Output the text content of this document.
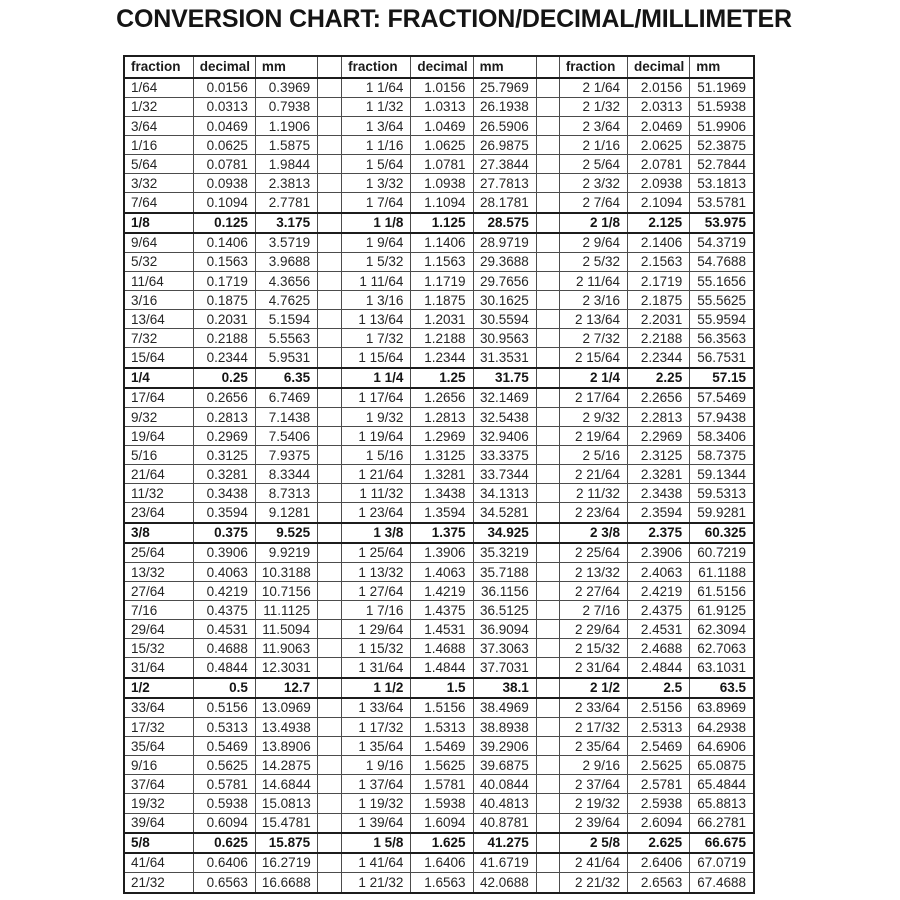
CONVERSION CHART: FRACTION/DECIMAL/MILLIMETER
fraction	decimal	mm		fraction	decimal	mm		fraction	decimal	mm
1/64	0.0156	0.3969		1 1/64	1.0156	25.7969		2 1/64	2.0156	51.1969
1/32	0.0313	0.7938		1 1/32	1.0313	26.1938		2 1/32	2.0313	51.5938
3/64	0.0469	1.1906		1 3/64	1.0469	26.5906		2 3/64	2.0469	51.9906
1/16	0.0625	1.5875		1 1/16	1.0625	26.9875		2 1/16	2.0625	52.3875
5/64	0.0781	1.9844		1 5/64	1.0781	27.3844		2 5/64	2.0781	52.7844
3/32	0.0938	2.3813		1 3/32	1.0938	27.7813		2 3/32	2.0938	53.1813
7/64	0.1094	2.7781		1 7/64	1.1094	28.1781		2 7/64	2.1094	53.5781
1/8	0.125	3.175		1 1/8	1.125	28.575		2 1/8	2.125	53.975
9/64	0.1406	3.5719		1 9/64	1.1406	28.9719		2 9/64	2.1406	54.3719
5/32	0.1563	3.9688		1 5/32	1.1563	29.3688		2 5/32	2.1563	54.7688
11/64	0.1719	4.3656		1 11/64	1.1719	29.7656		2 11/64	2.1719	55.1656
3/16	0.1875	4.7625		1 3/16	1.1875	30.1625		2 3/16	2.1875	55.5625
13/64	0.2031	5.1594		1 13/64	1.2031	30.5594		2 13/64	2.2031	55.9594
7/32	0.2188	5.5563		1 7/32	1.2188	30.9563		2 7/32	2.2188	56.3563
15/64	0.2344	5.9531		1 15/64	1.2344	31.3531		2 15/64	2.2344	56.7531
1/4	0.25	6.35		1 1/4	1.25	31.75		2 1/4	2.25	57.15
17/64	0.2656	6.7469		1 17/64	1.2656	32.1469		2 17/64	2.2656	57.5469
9/32	0.2813	7.1438		1 9/32	1.2813	32.5438		2 9/32	2.2813	57.9438
19/64	0.2969	7.5406		1 19/64	1.2969	32.9406		2 19/64	2.2969	58.3406
5/16	0.3125	7.9375		1 5/16	1.3125	33.3375		2 5/16	2.3125	58.7375
21/64	0.3281	8.3344		1 21/64	1.3281	33.7344		2 21/64	2.3281	59.1344
11/32	0.3438	8.7313		1 11/32	1.3438	34.1313		2 11/32	2.3438	59.5313
23/64	0.3594	9.1281		1 23/64	1.3594	34.5281		2 23/64	2.3594	59.9281
3/8	0.375	9.525		1 3/8	1.375	34.925		2 3/8	2.375	60.325
25/64	0.3906	9.9219		1 25/64	1.3906	35.3219		2 25/64	2.3906	60.7219
13/32	0.4063	10.3188		1 13/32	1.4063	35.7188		2 13/32	2.4063	61.1188
27/64	0.4219	10.7156		1 27/64	1.4219	36.1156		2 27/64	2.4219	61.5156
7/16	0.4375	11.1125		1 7/16	1.4375	36.5125		2 7/16	2.4375	61.9125
29/64	0.4531	11.5094		1 29/64	1.4531	36.9094		2 29/64	2.4531	62.3094
15/32	0.4688	11.9063		1 15/32	1.4688	37.3063		2 15/32	2.4688	62.7063
31/64	0.4844	12.3031		1 31/64	1.4844	37.7031		2 31/64	2.4844	63.1031
1/2	0.5	12.7		1 1/2	1.5	38.1		2 1/2	2.5	63.5
33/64	0.5156	13.0969		1 33/64	1.5156	38.4969		2 33/64	2.5156	63.8969
17/32	0.5313	13.4938		1 17/32	1.5313	38.8938		2 17/32	2.5313	64.2938
35/64	0.5469	13.8906		1 35/64	1.5469	39.2906		2 35/64	2.5469	64.6906
9/16	0.5625	14.2875		1 9/16	1.5625	39.6875		2 9/16	2.5625	65.0875
37/64	0.5781	14.6844		1 37/64	1.5781	40.0844		2 37/64	2.5781	65.4844
19/32	0.5938	15.0813		1 19/32	1.5938	40.4813		2 19/32	2.5938	65.8813
39/64	0.6094	15.4781		1 39/64	1.6094	40.8781		2 39/64	2.6094	66.2781
5/8	0.625	15.875		1 5/8	1.625	41.275		2 5/8	2.625	66.675
41/64	0.6406	16.2719		1 41/64	1.6406	41.6719		2 41/64	2.6406	67.0719
21/32	0.6563	16.6688		1 21/32	1.6563	42.0688		2 21/32	2.6563	67.4688
